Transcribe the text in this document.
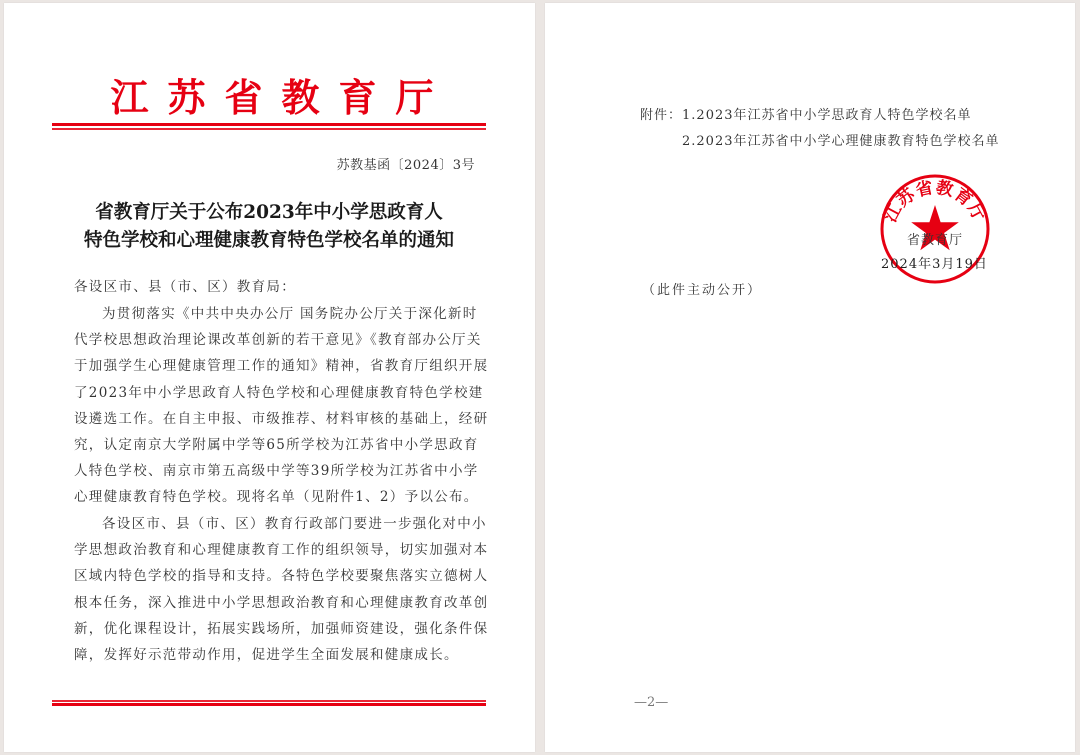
江苏省教育厅
苏教基函〔2024〕3号
省教育厅关于公布2023年中小学思政育人
特色学校和心理健康教育特色学校名单的通知
各设区市、县（市、区）教育局：
为贯彻落实《中共中央办公厅 国务院办公厅关于深化新时
代学校思想政治理论课改革创新的若干意见》《教育部办公厅关
于加强学生心理健康管理工作的通知》精神，省教育厅组织开展
了2023年中小学思政育人特色学校和心理健康教育特色学校建
设遴选工作。在自主申报、市级推荐、材料审核的基础上，经研
究，认定南京大学附属中学等65所学校为江苏省中小学思政育
人特色学校、南京市第五高级中学等39所学校为江苏省中小学
心理健康教育特色学校。现将名单（见附件1、2）予以公布。
各设区市、县（市、区）教育行政部门要进一步强化对中小
学思想政治教育和心理健康教育工作的组织领导，切实加强对本
区域内特色学校的指导和支持。各特色学校要聚焦落实立德树人
根本任务，深入推进中小学思想政治教育和心理健康教育改革创
新，优化课程设计，拓展实践场所，加强师资建设，强化条件保
障，发挥好示范带动作用，促进学生全面发展和健康成长。
附件：1.2023年江苏省中小学思政育人特色学校名单
2.2023年江苏省中小学心理健康教育特色学校名单
江苏省教育厅
省教育厅
2024年3月19日
（此件主动公开）
—2—
